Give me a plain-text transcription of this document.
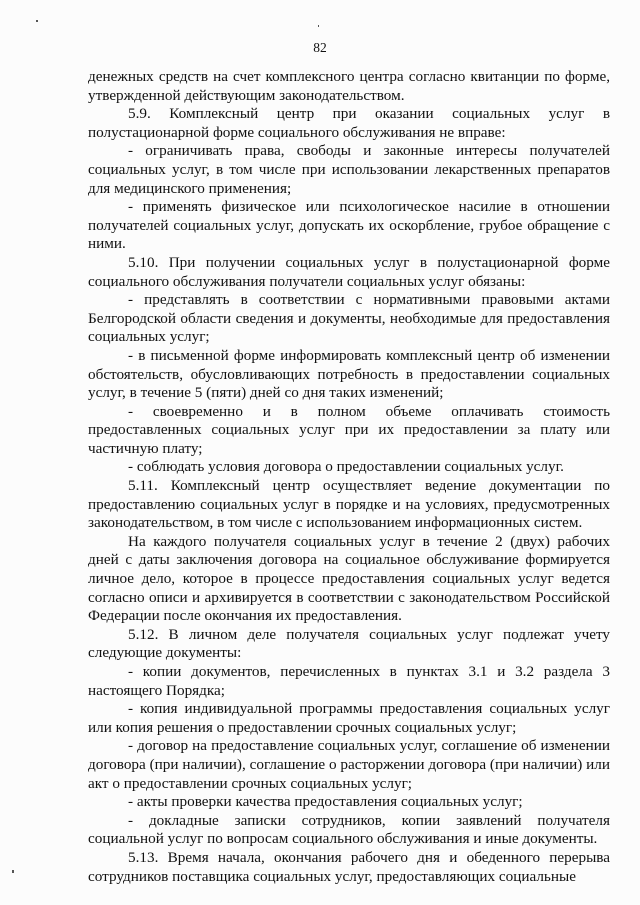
82

денежных средств на счет комплексного центра согласно квитанции по форме, утвержденной действующим законодательством.

5.9. Комплексный центр при оказании социальных услуг в полустационарной форме социального обслуживания не вправе:

- ограничивать права, свободы и законные интересы получателей социальных услуг, в том числе при использовании лекарственных препаратов для медицинского применения;

- применять физическое или психологическое насилие в отношении получателей социальных услуг, допускать их оскорбление, грубое обращение с ними.

5.10. При получении социальных услуг в полустационарной форме социального обслуживания получатели социальных услуг обязаны:

- представлять в соответствии с нормативными правовыми актами Белгородской области сведения и документы, необходимые для предоставления социальных услуг;

- в письменной форме информировать комплексный центр об изменении обстоятельств, обусловливающих потребность в предоставлении социальных услуг, в течение 5 (пяти) дней со дня таких изменений;

- своевременно и в полном объеме оплачивать стоимость предоставленных социальных услуг при их предоставлении за плату или частичную плату;

- соблюдать условия договора о предоставлении социальных услуг.

5.11. Комплексный центр осуществляет ведение документации по предоставлению социальных услуг в порядке и на условиях, предусмотренных законодательством, в том числе с использованием информационных систем.

На каждого получателя социальных услуг в течение 2 (двух) рабочих дней с даты заключения договора на социальное обслуживание формируется личное дело, которое в процессе предоставления социальных услуг ведется согласно описи и архивируется в соответствии с законодательством Российской Федерации после окончания их предоставления.

5.12. В личном деле получателя социальных услуг подлежат учету следующие документы:

- копии документов, перечисленных в пунктах 3.1 и 3.2 раздела 3 настоящего Порядка;

- копия индивидуальной программы предоставления социальных услуг или копия решения о предоставлении срочных социальных услуг;

- договор на предоставление социальных услуг, соглашение об изменении договора (при наличии), соглашение о расторжении договора (при наличии) или акт о предоставлении срочных социальных услуг;

- акты проверки качества предоставления социальных услуг;

- докладные записки сотрудников, копии заявлений получателя социальной услуг по вопросам социального обслуживания и иные документы.

5.13. Время начала, окончания рабочего дня и обеденного перерыва сотрудников поставщика социальных услуг, предоставляющих социальные
